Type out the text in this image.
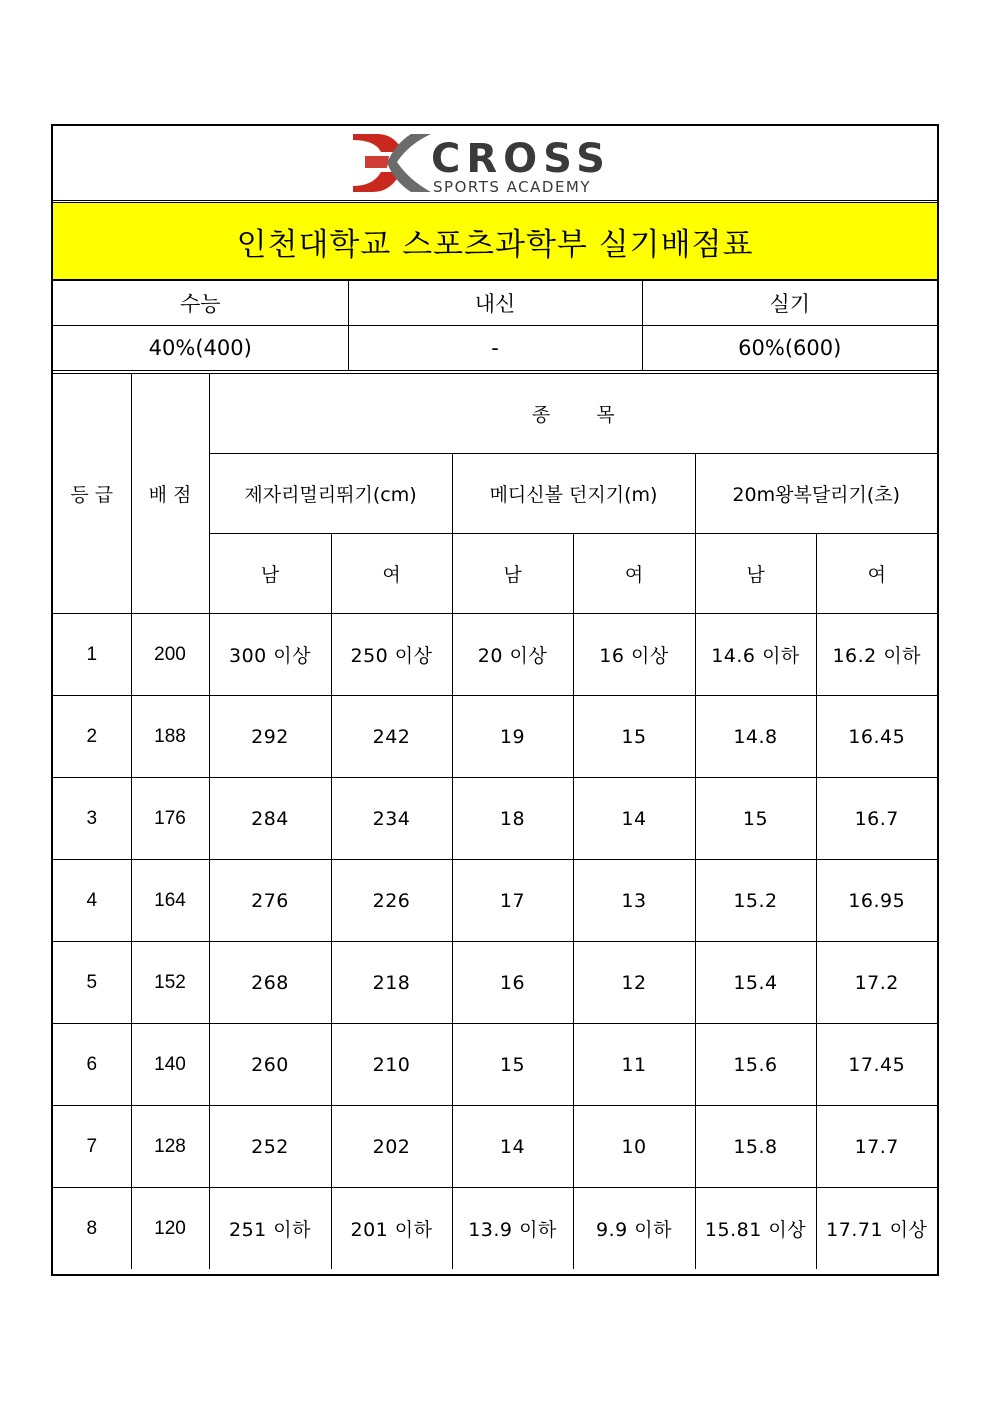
CROSS
SPORTS ACADEMY
인천대학교 스포츠과학부 실기배점표
수능	내신	실기
40%(400)	-	60%(600)
등 급	배 점	종 목					
		제자리멀리뛰기(cm)		메디신볼 던지기(m)		20m왕복달리기(초)	
		남	여	남	여	남	여
1	200	300 이상	250 이상	20 이상	16 이상	14.6 이하	16.2 이하
2	188	292	242	19	15	14.8	16.45
3	176	284	234	18	14	15	16.7
4	164	276	226	17	13	15.2	16.95
5	152	268	218	16	12	15.4	17.2
6	140	260	210	15	11	15.6	17.45
7	128	252	202	14	10	15.8	17.7
8	120	251 이하	201 이하	13.9 이하	9.9 이하	15.81 이상	17.71 이상
